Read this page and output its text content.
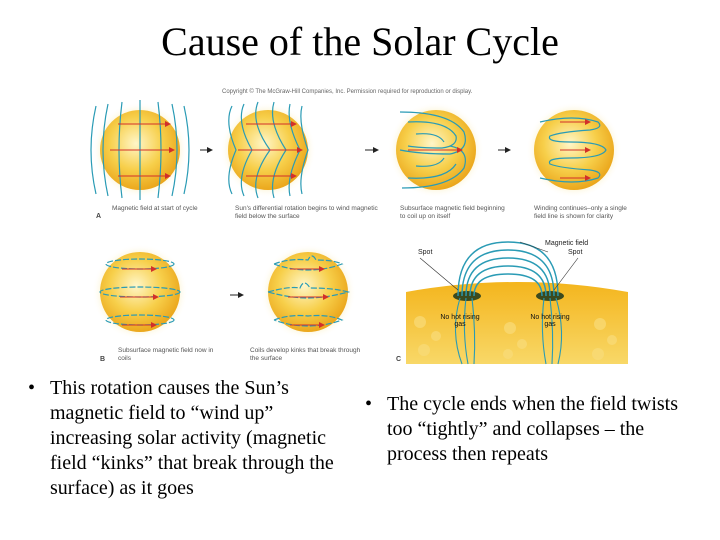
Cause of the Solar Cycle
Copyright © The McGraw-Hill Companies, Inc. Permission required for reproduction or display.
Magnetic field at start of cycle	Sun's differential rotation begins to wind magnetic field below the surface
Subsurface magnetic field beginning to coil up on itself
Winding continues–only a single field line is shown for clarity
A
Subsurface magnetic field now in coils
Coils develop kinks that break through the surface
B	C
Spot	Spot
Magnetic field
No hot rising gas
No hot rising gas
• This rotation causes the Sun’s magnetic field to “wind up” increasing solar activity (magnetic field “kinks” that break through the surface) as it goes
• The cycle ends when the field twists too “tightly” and collapses – the process then repeats
